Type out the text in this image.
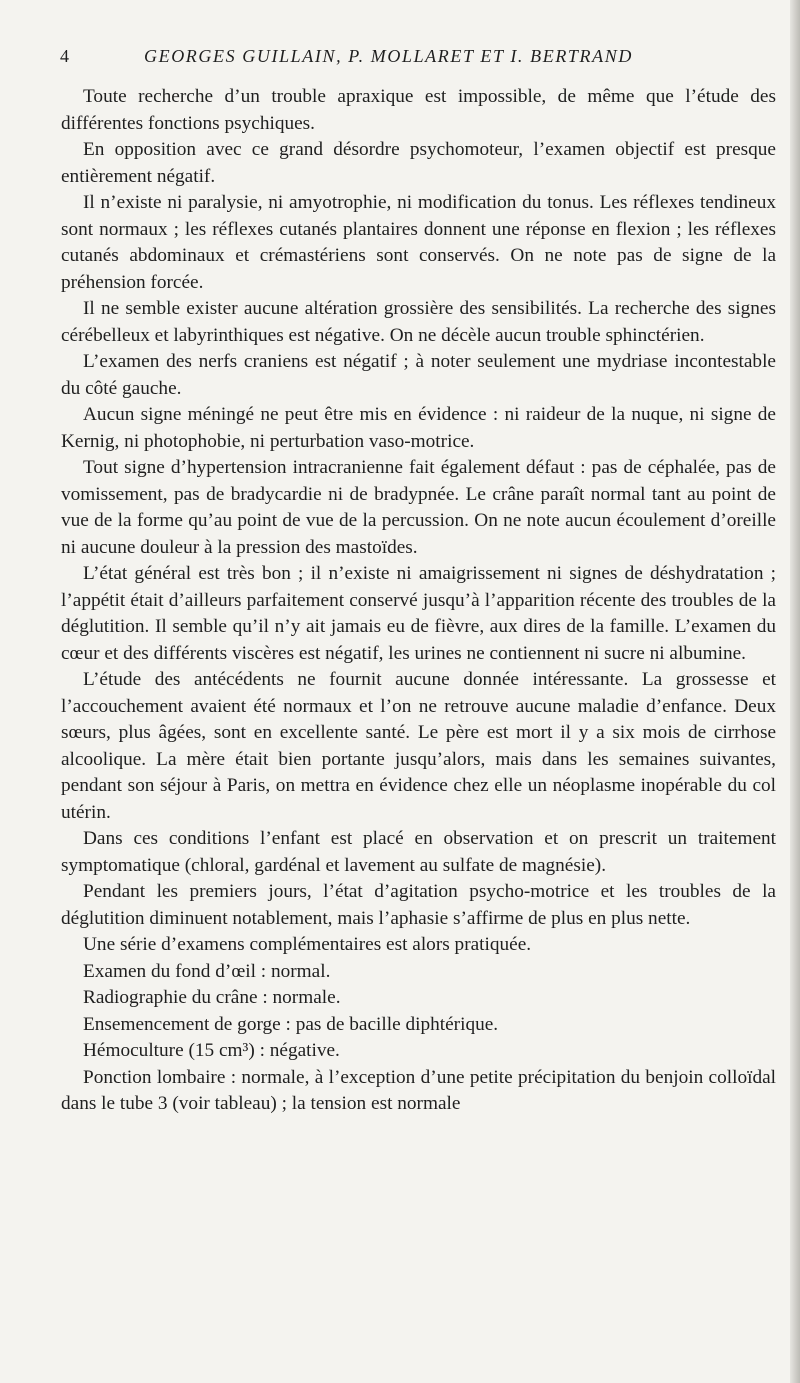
4	GEORGES GUILLAIN, P. MOLLARET ET I. BERTRAND

Toute recherche d’un trouble apraxique est impossible, de même que l’étude des différentes fonctions psychiques.

En opposition avec ce grand désordre psychomoteur, l’examen objectif est presque entièrement négatif.

Il n’existe ni paralysie, ni amyotrophie, ni modification du tonus. Les réflexes tendineux sont normaux ; les réflexes cutanés plantaires donnent une réponse en flexion ; les réflexes cutanés abdominaux et crémastériens sont conservés. On ne note pas de signe de la préhension forcée.

Il ne semble exister aucune altération grossière des sensibilités. La recherche des signes cérébelleux et labyrinthiques est négative. On ne décèle aucun trouble sphinctérien.

L’examen des nerfs craniens est négatif ; à noter seulement une mydriase incontestable du côté gauche.

Aucun signe méningé ne peut être mis en évidence : ni raideur de la nuque, ni signe de Kernig, ni photophobie, ni perturbation vaso-motrice.

Tout signe d’hypertension intracranienne fait également défaut : pas de céphalée, pas de vomissement, pas de bradycardie ni de bradypnée. Le crâne paraît normal tant au point de vue de la forme qu’au point de vue de la percussion. On ne note aucun écoulement d’oreille ni aucune douleur à la pression des mastoïdes.

L’état général est très bon ; il n’existe ni amaigrissement ni signes de déshydratation ; l’appétit était d’ailleurs parfaitement conservé jusqu’à l’apparition récente des troubles de la déglutition. Il semble qu’il n’y ait jamais eu de fièvre, aux dires de la famille. L’examen du cœur et des différents viscères est négatif, les urines ne contiennent ni sucre ni albumine.

L’étude des antécédents ne fournit aucune donnée intéressante. La grossesse et l’accouchement avaient été normaux et l’on ne retrouve aucune maladie d’enfance. Deux sœurs, plus âgées, sont en excellente santé. Le père est mort il y a six mois de cirrhose alcoolique. La mère était bien portante jusqu’alors, mais dans les semaines suivantes, pendant son séjour à Paris, on mettra en évidence chez elle un néoplasme inopérable du col utérin.

Dans ces conditions l’enfant est placé en observation et on prescrit un traitement symptomatique (chloral, gardénal et lavement au sulfate de magnésie).

Pendant les premiers jours, l’état d’agitation psycho-motrice et les troubles de la déglutition diminuent notablement, mais l’aphasie s’affirme de plus en plus nette.

Une série d’examens complémentaires est alors pratiquée.

Examen du fond d’œil : normal.

Radiographie du crâne : normale.

Ensemencement de gorge : pas de bacille diphtérique.

Hémoculture (15 cm³) : négative.

Ponction lombaire : normale, à l’exception d’une petite précipitation du benjoin colloïdal dans le tube 3 (voir tableau) ; la tension est normale
